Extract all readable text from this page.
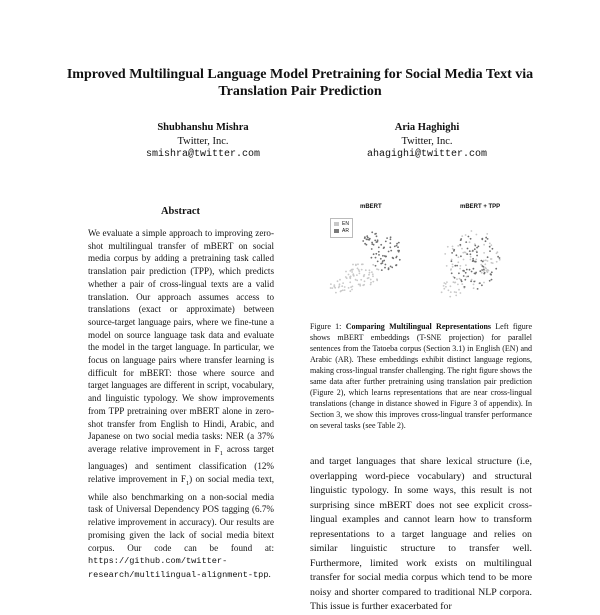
Improved Multilingual Language Model Pretraining for Social Media Text via Translation Pair Prediction
Shubhanshu Mishra
Twitter, Inc.
smishra@twitter.com
Aria Haghighi
Twitter, Inc.
ahagighi@twitter.com
Abstract
We evaluate a simple approach to improving zero-shot multilingual transfer of mBERT on social media corpus by adding a pretraining task called translation pair prediction (TPP), which predicts whether a pair of cross-lingual texts are a valid translation. Our approach assumes access to translations (exact or approximate) between source-target language pairs, where we fine-tune a model on source language task data and evaluate the model in the target language. In particular, we focus on language pairs where transfer learning is difficult for mBERT: those where source and target languages are different in script, vocabulary, and linguistic typology. We show improvements from TPP pretraining over mBERT alone in zero-shot transfer from English to Hindi, Arabic, and Japanese on two social media tasks: NER (a 37% average relative improvement in $F_1$ across target languages) and sentiment classification (12% relative improvement in $F_1$) on social media text, while also benchmarking on a non-social media task of Universal Dependency POS tagging (6.7% relative improvement in accuracy). Our results are promising given the lack of social media bitext corpus. Our code can be found at: https://github.com/twitter-research/multilingual-alignment-tpp.
mBERT	mBERT + TPP
EN
AR
Figure 1: Comparing Multilingual Representations Left figure shows mBERT embeddings (T-SNE projection) for parallel sentences from the Tatoeba corpus (Section 3.1) in English (EN) and Arabic (AR). These embeddings exhibit distinct language regions, making cross-lingual transfer challenging. The right figure shows the same data after further pretraining using translation pair prediction (Figure 2), which learns representations that are near cross-lingual translations (change in distance showed in Figure 3 of appendix). In Section 3, we show this improves cross-lingual transfer performance on several tasks (see Table 2).
and target languages that share lexical structure (i.e, overlapping word-piece vocabulary) and structural linguistic typology. In some ways, this result is not surprising since mBERT does not see explicit cross-lingual examples and cannot learn how to transform representations to a target language and relies on similar linguistic structure to transfer well. Furthermore, limited work exists on multilingual transfer for social media corpus which tend to be more noisy and shorter compared to traditional NLP corpora. This issue is further exacerbated for
